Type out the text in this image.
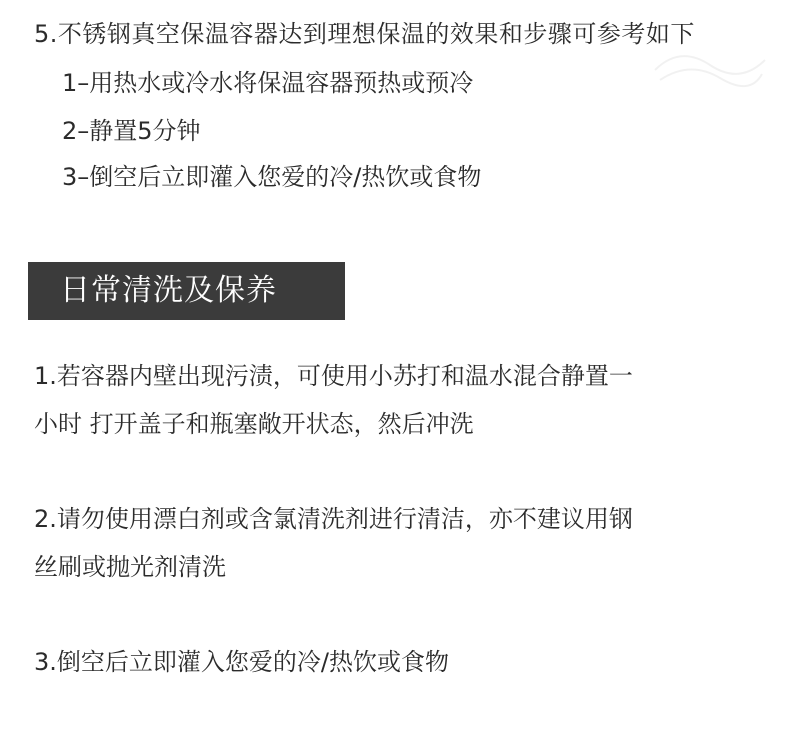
5.不锈钢真空保温容器达到理想保温的效果和步骤可参考如下
1–用热水或冷水将保温容器预热或预冷
2–静置5分钟
3–倒空后立即灌入您爱的冷/热饮或食物
日常清洗及保养
1.若容器内壁出现污渍，可使用小苏打和温水混合静置一
小时 打开盖子和瓶塞敞开状态，然后冲洗
2.请勿使用漂白剂或含氯清洗剂进行清洁，亦不建议用钢
丝刷或抛光剂清洗
3.倒空后立即灌入您爱的冷/热饮或食物
